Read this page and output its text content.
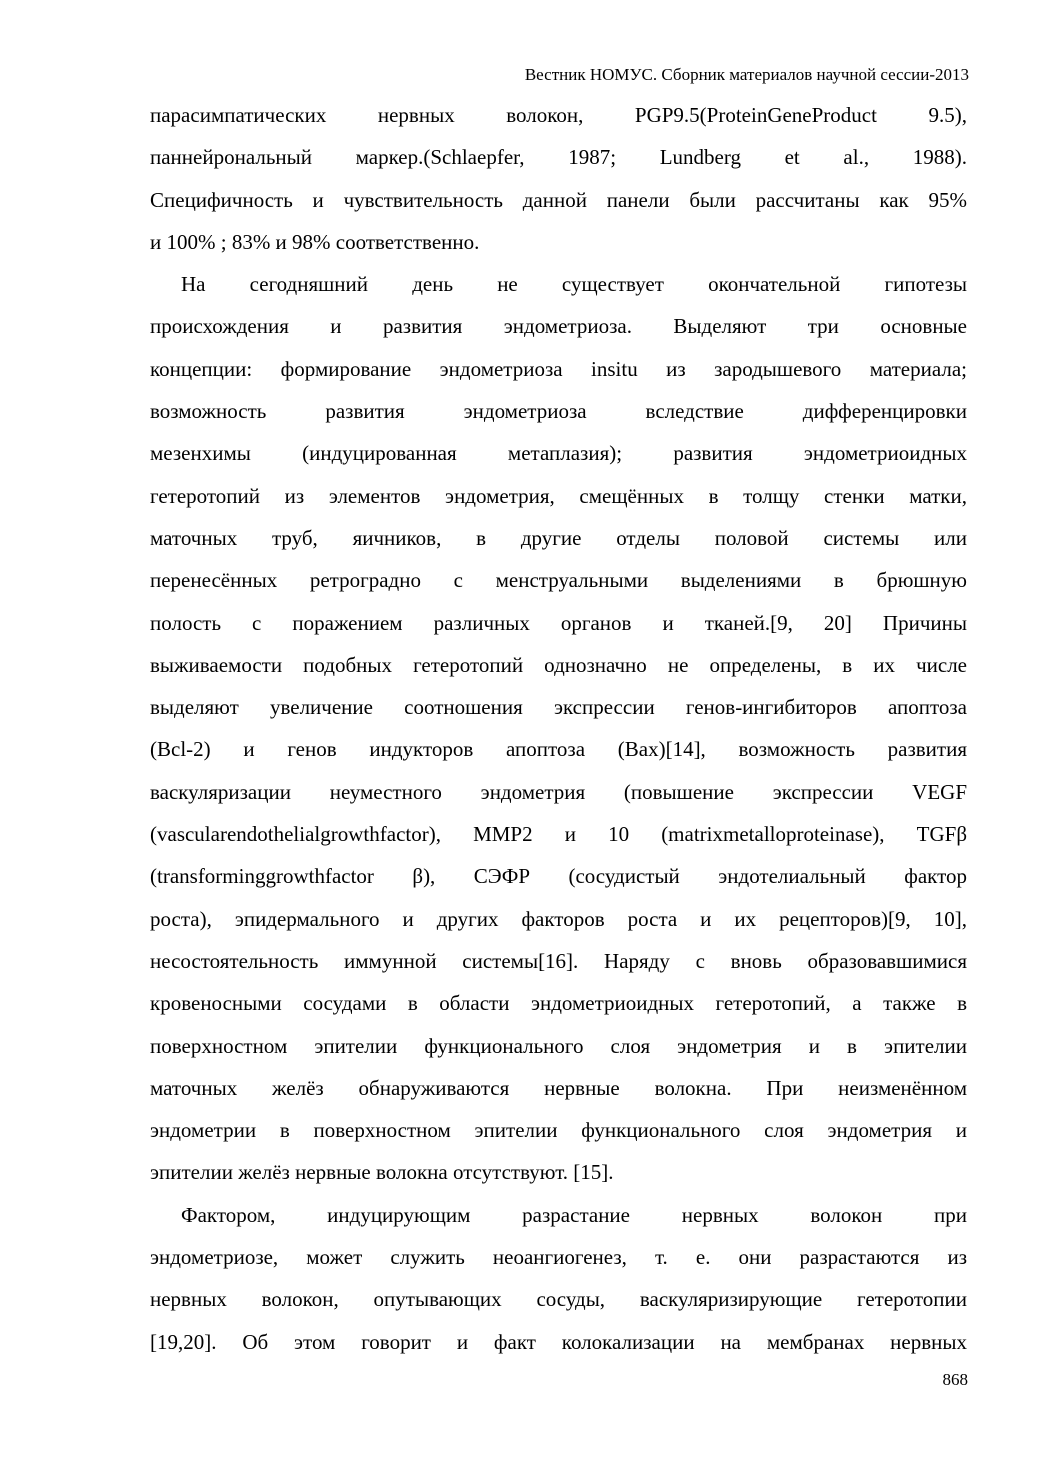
Вестник НОМУС. Сборник материалов научной сессии-2013
парасимпатических нервных волокон, PGP9.5(ProteinGeneProduct 9.5),
паннейрональный маркер.(Schlaepfer, 1987; Lundberg et al., 1988).
Специфичность и чувствительность данной панели были рассчитаны как 95%
и 100% ; 83% и 98% соответственно.
На сегодняшний день не существует окончательной гипотезы
происхождения и развития эндометриоза. Выделяют три основные
концепции: формирование эндометриоза insitu из зародышевого материала;
возможность развития эндометриоза вследствие дифференцировки
мезенхимы (индуцированная метаплазия); развития эндометриоидных
гетеротопий из элементов эндометрия, смещённых в толщу стенки матки,
маточных труб, яичников, в другие отделы половой системы или
перенесённых ретроградно с менструальными выделениями в брюшную
полость с поражением различных органов и тканей.[9, 20] Причины
выживаемости подобных гетеротопий однозначно не определены, в их числе
выделяют увеличение соотношения экспрессии генов-ингибиторов апоптоза
(Bcl-2) и генов индукторов апоптоза (Bax)[14], возможность развития
васкуляризации неуместного эндометрия (повышение экспрессии VEGF
(vascularendothelialgrowthfactor), MMP2 и 10 (matrixmetalloproteinase), TGFβ
(transforminggrowthfactor β), СЭФР (сосудистый эндотелиальный фактор
роста), эпидермального и других факторов роста и их рецепторов)[9, 10],
несостоятельность иммунной системы[16]. Наряду с вновь образовавшимися
кровеносными сосудами в области эндометриоидных гетеротопий, а также в
поверхностном эпителии функционального слоя эндометрия и в эпителии
маточных желёз обнаруживаются нервные волокна. При неизменённом
эндометрии в поверхностном эпителии функционального слоя эндометрия и
эпителии желёз нервные волокна отсутствуют. [15].
Фактором, индуцирующим разрастание нервных волокон при
эндометриозе, может служить неоангиогенез, т. е. они разрастаются из
нервных волокон, опутывающих сосуды, васкуляризирующие гетеротопии
[19,20]. Об этом говорит и факт колокализации на мембранах нервных
868
